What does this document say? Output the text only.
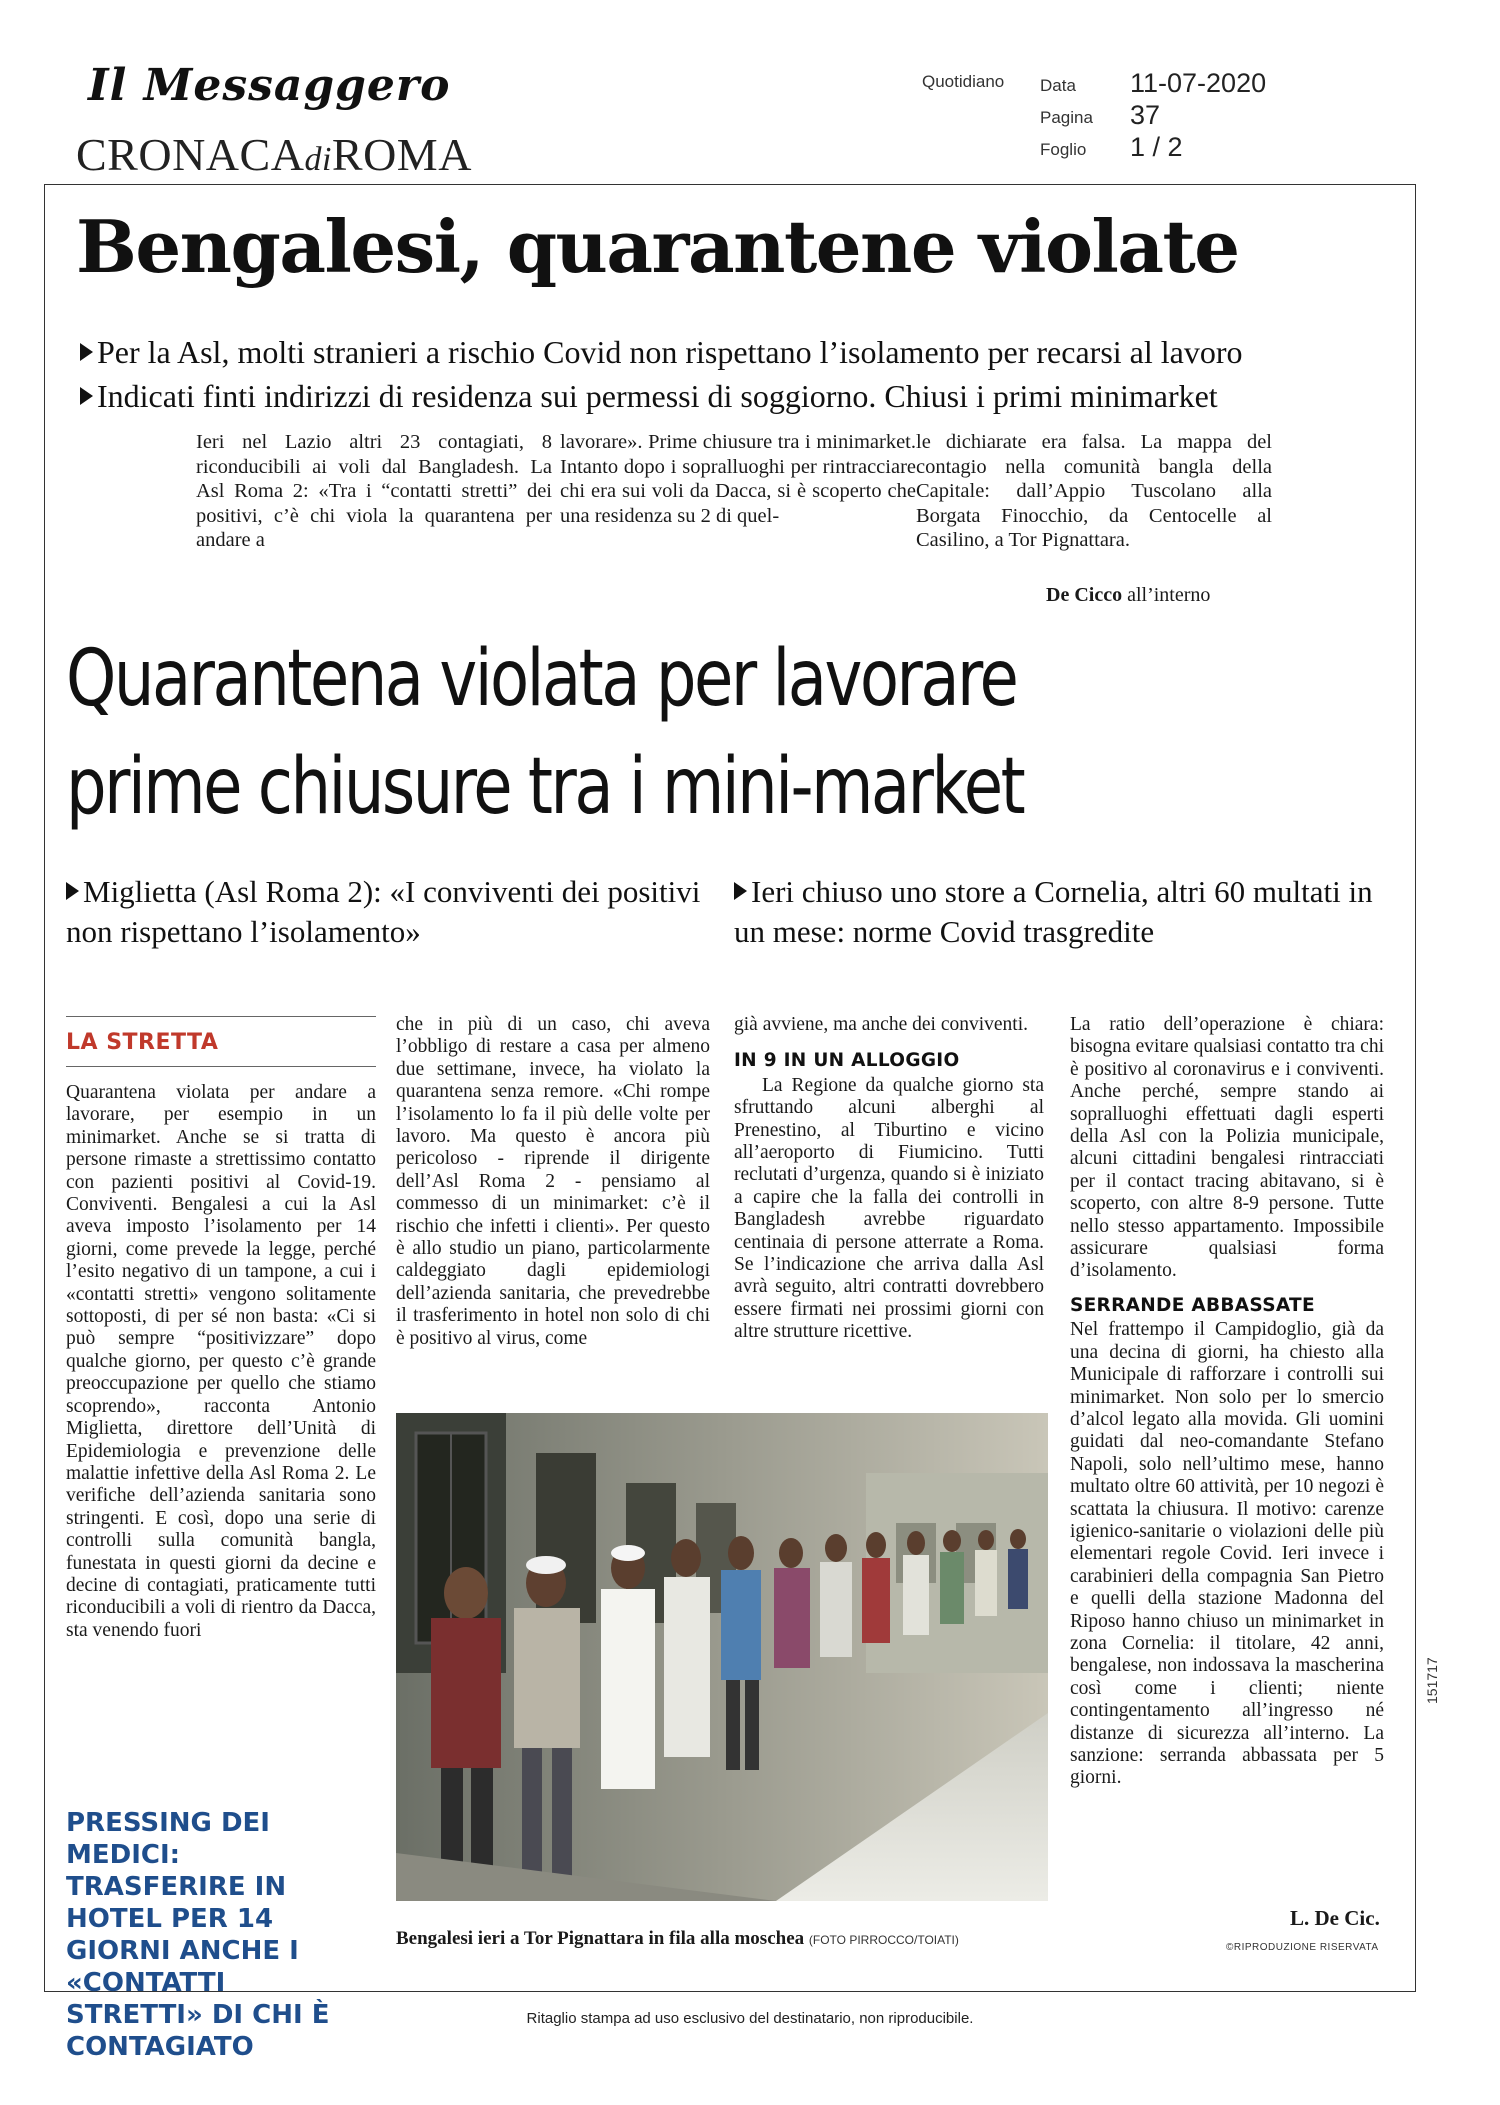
Il Messaggero
CRONACAdiROMA
Quotidiano Data 11-07-2020
Pagina 37
Foglio 1 / 2
Bengalesi, quarantene violate
Per la Asl, molti stranieri a rischio Covid non rispettano l’isolamento per recarsi al lavoro
Indicati finti indirizzi di residenza sui permessi di soggiorno. Chiusi i primi minimarket
Ieri nel Lazio altri 23 contagiati, 8 riconducibili ai voli dal Bangladesh. La Asl Roma 2: «Tra i “contatti stretti” dei positivi, c’è chi viola la quarantena per andare a
lavorare». Prime chiusure tra i minimarket. Intanto dopo i sopralluoghi per rintracciare chi era sui voli da Dacca, si è scoperto che una residenza su 2 di quel-
le dichiarate era falsa. La mappa del contagio nella comunità bangla della Capitale: dall’Appio Tuscolano alla Borgata Finocchio, da Centocelle al Casilino, a Tor Pignattara.
De Cicco all’interno
Quarantena violata per lavorare
prime chiusure tra i mini-market
Miglietta (Asl Roma 2): «I conviventi dei positivi non rispettano l’isolamento»
Ieri chiuso uno store a Cornelia, altri 60 multati in un mese: norme Covid trasgredite
LA STRETTA

Quarantena violata per andare a lavorare, per esempio in un minimarket. Anche se si tratta di persone rimaste a strettissimo contatto con pazienti positivi al Covid-19. Conviventi. Bengalesi a cui la Asl aveva imposto l’isolamento per 14 giorni, come prevede la legge, perché l’esito negativo di un tampone, a cui i «contatti stretti» vengono solitamente sottoposti, di per sé non basta: «Ci si può sempre “positivizzare” dopo qualche giorno, per questo c’è grande preoccupazione per quello che stiamo scoprendo», racconta Antonio Miglietta, direttore dell’Unità di Epidemiologia e prevenzione delle malattie infettive della Asl Roma 2. Le verifiche dell’azienda sanitaria sono stringenti. E così, dopo una serie di controlli sulla comunità bangla, funestata in questi giorni da decine e decine di contagiati, praticamente tutti riconducibili a voli di rientro da Dacca, sta venendo fuori

che in più di un caso, chi aveva l’obbligo di restare a casa per almeno due settimane, invece, ha violato la quarantena senza remore. «Chi rompe l’isolamento lo fa il più delle volte per lavoro. Ma questo è ancora più pericoloso - riprende il dirigente dell’Asl Roma 2 - pensiamo al commesso di un minimarket: c’è il rischio che infetti i clienti». Per questo è allo studio un piano, particolarmente caldeggiato dagli epidemiologi dell’azienda sanitaria, che prevedrebbe il trasferimento in hotel non solo di chi è positivo al virus, come

già avviene, ma anche dei conviventi.

IN 9 IN UN ALLOGGIO

La Regione da qualche giorno sta sfruttando alcuni alberghi al Prenestino, al Tiburtino e vicino all’aeroporto di Fiumicino. Tutti reclutati d’urgenza, quando si è iniziato a capire che la falla dei controlli in Bangladesh avrebbe riguardato centinaia di persone atterrate a Roma. Se l’indicazione che arriva dalla Asl avrà seguito, altri contratti dovrebbero essere firmati nei prossimi giorni con altre strutture ricettive.

La ratio dell’operazione è chiara: bisogna evitare qualsiasi contatto tra chi è positivo al coronavirus e i conviventi. Anche perché, sempre stando ai sopralluoghi effettuati dagli esperti della Asl con la Polizia municipale, alcuni cittadini bengalesi rintracciati per il contact tracing abitavano, si è scoperto, con altre 8-9 persone. Tutte nello stesso appartamento. Impossibile assicurare qualsiasi forma d’isolamento.

SERRANDE ABBASSATE

Nel frattempo il Campidoglio, già da una decina di giorni, ha chiesto alla Municipale di rafforzare i controlli sui minimarket. Non solo per lo smercio d’alcol legato alla movida. Gli uomini guidati dal neo-comandante Stefano Napoli, solo nell’ultimo mese, hanno multato oltre 60 attività, per 10 negozi è scattata la chiusura. Il motivo: carenze igienico-sanitarie o violazioni delle più elementari regole Covid. Ieri invece i carabinieri della compagnia San Pietro e quelli della stazione Madonna del Riposo hanno chiuso un minimarket in zona Cornelia: il titolare, 42 anni, bengalese, non indossava la mascherina così come i clienti; niente contingentamento all’ingresso né distanze di sicurezza all’interno. La sanzione: serranda abbassata per 5 giorni.

PRESSING DEI MEDICI: TRASFERIRE IN HOTEL PER 14 GIORNI ANCHE I «CONTATTI STRETTI» DI CHI È CONTAGIATO
Bengalesi ieri a Tor Pignattara in fila alla moschea (FOTO PIRROCCO/TOIATI)
L. De Cic.
©RIPRODUZIONE RISERVATA
151717
Ritaglio stampa ad uso esclusivo del destinatario, non riproducibile.
